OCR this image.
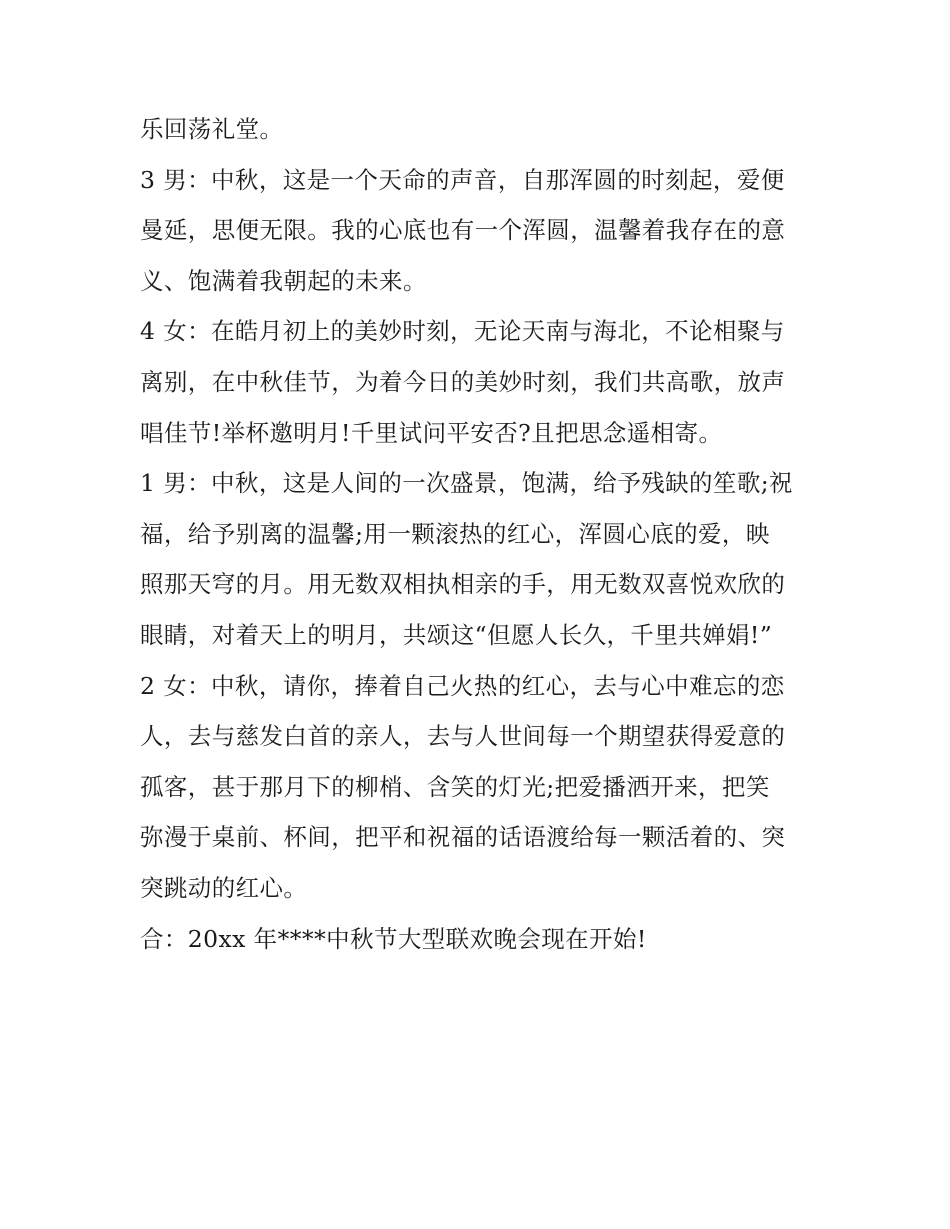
乐回荡礼堂。
3 男：中秋，这是一个天命的声音，自那浑圆的时刻起，爱便
曼延，思便无限。我的心底也有一个浑圆，温馨着我存在的意
义、饱满着我朝起的未来。
4 女：在皓月初上的美妙时刻，无论天南与海北，不论相聚与
离别，在中秋佳节，为着今日的美妙时刻，我们共高歌，放声
唱佳节!举杯邀明月!千里试问平安否?且把思念遥相寄。
1 男：中秋，这是人间的一次盛景，饱满，给予残缺的笙歌;祝
福，给予别离的温馨;用一颗滚热的红心，浑圆心底的爱，映
照那天穹的月。用无数双相执相亲的手，用无数双喜悦欢欣的
眼睛，对着天上的明月，共颂这“但愿人长久，千里共婵娟!”
2 女：中秋，请你，捧着自己火热的红心，去与心中难忘的恋
人，去与慈发白首的亲人，去与人世间每一个期望获得爱意的
孤客，甚于那月下的柳梢、含笑的灯光;把爱播洒开来，把笑
弥漫于桌前、杯间，把平和祝福的话语渡给每一颗活着的、突
突跳动的红心。
合：20xx 年****中秋节大型联欢晚会现在开始!
